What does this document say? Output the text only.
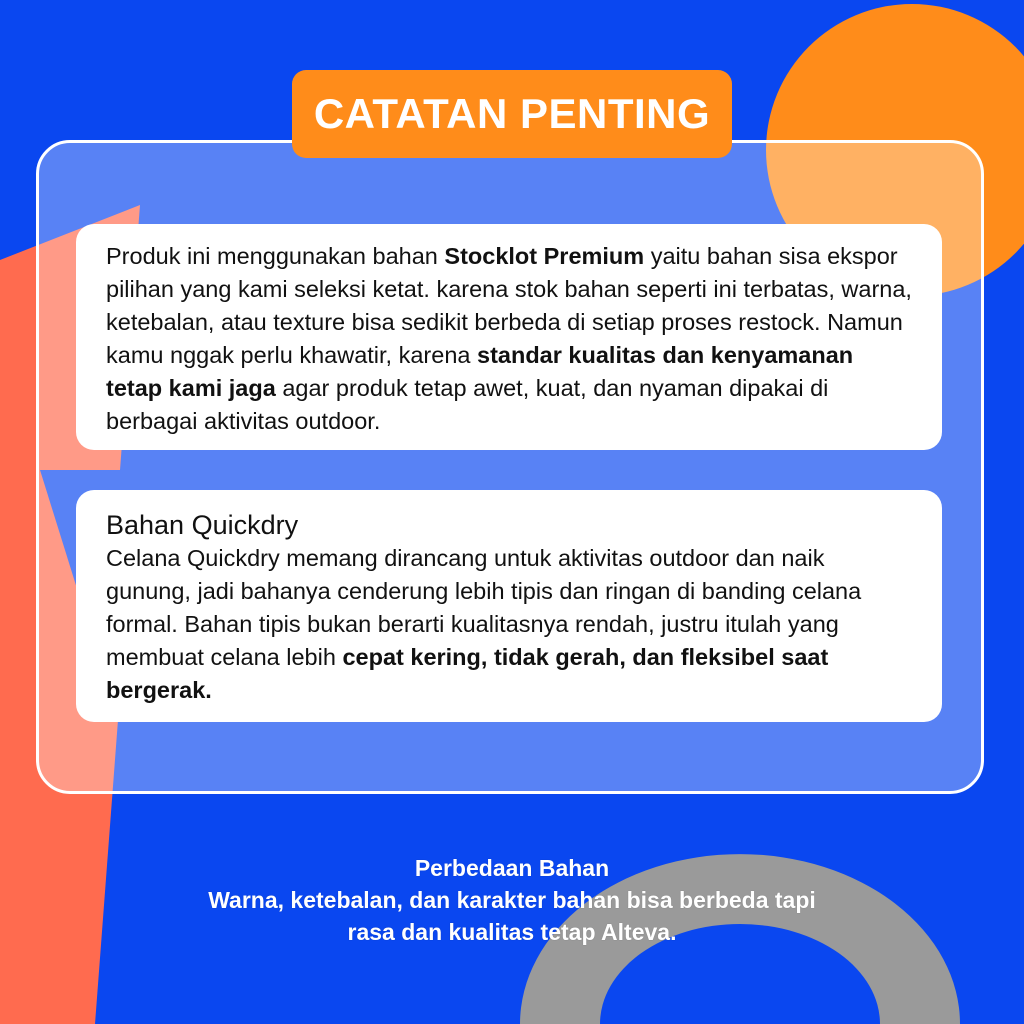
CATATAN PENTING
Produk ini menggunakan bahan Stocklot Premium yaitu bahan sisa ekspor pilihan yang kami seleksi ketat. karena stok bahan seperti ini terbatas, warna, ketebalan, atau texture bisa sedikit berbeda di setiap proses restock. Namun kamu nggak perlu khawatir, karena standar kualitas dan kenyamanan tetap kami jaga agar produk tetap awet, kuat, dan nyaman dipakai di berbagai aktivitas outdoor.
Bahan Quickdry
Celana Quickdry memang dirancang untuk aktivitas outdoor dan naik gunung, jadi bahanya cenderung lebih tipis dan ringan di banding celana formal. Bahan tipis bukan berarti kualitasnya rendah, justru itulah yang membuat celana lebih cepat kering, tidak gerah, dan fleksibel saat bergerak.
Perbedaan Bahan
Warna, ketebalan, dan karakter bahan bisa berbeda tapi
rasa dan kualitas tetap Alteva.
